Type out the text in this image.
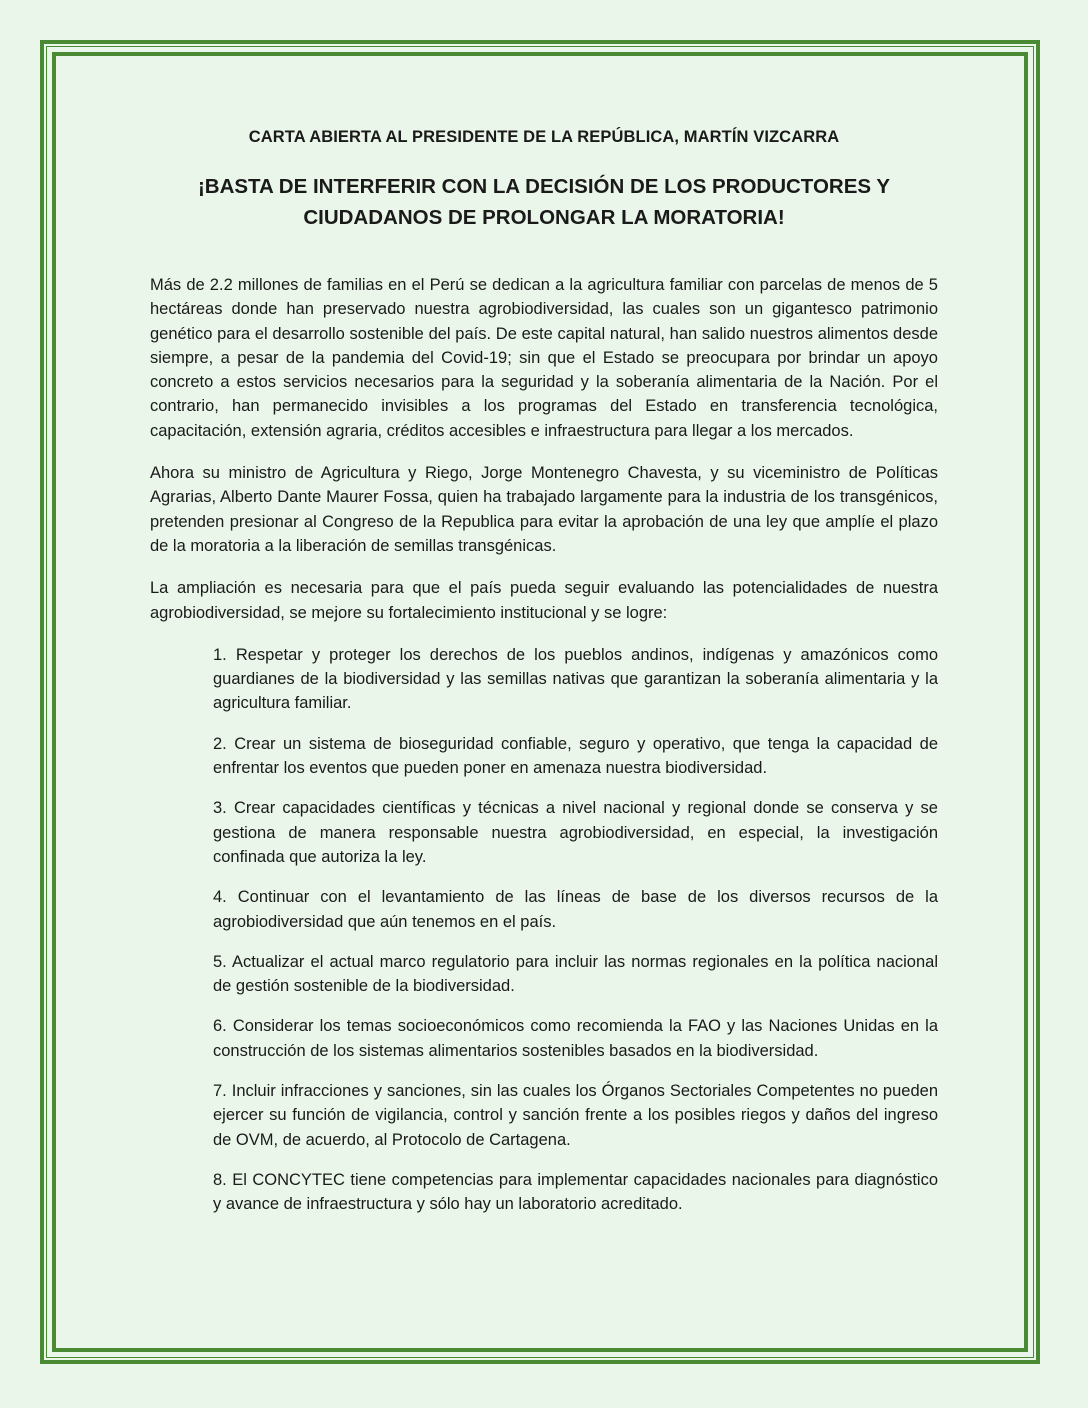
CARTA ABIERTA AL PRESIDENTE DE LA REPÚBLICA, MARTÍN VIZCARRA

¡BASTA DE INTERFERIR CON LA DECISIÓN DE LOS PRODUCTORES Y
CIUDADANOS DE PROLONGAR LA MORATORIA!

Más de 2.2 millones de familias en el Perú se dedican a la agricultura familiar con parcelas de menos de 5 hectáreas donde han preservado nuestra agrobiodiversidad, las cuales son un gigantesco patrimonio genético para el desarrollo sostenible del país. De este capital natural, han salido nuestros alimentos desde siempre, a pesar de la pandemia del Covid-19; sin que el Estado se preocupara por brindar un apoyo concreto a estos servicios necesarios para la seguridad y la soberanía alimentaria de la Nación. Por el contrario, han permanecido invisibles a los programas del Estado en transferencia tecnológica, capacitación, extensión agraria, créditos accesibles e infraestructura para llegar a los mercados.

Ahora su ministro de Agricultura y Riego, Jorge Montenegro Chavesta, y su viceministro de Políticas Agrarias, Alberto Dante Maurer Fossa, quien ha trabajado largamente para la industria de los transgénicos, pretenden presionar al Congreso de la Republica para evitar la aprobación de una ley que amplíe el plazo de la moratoria a la liberación de semillas transgénicas.

La ampliación es necesaria para que el país pueda seguir evaluando las potencialidades de nuestra agrobiodiversidad, se mejore su fortalecimiento institucional y se logre:

1. Respetar y proteger los derechos de los pueblos andinos, indígenas y amazónicos como guardianes de la biodiversidad y las semillas nativas que garantizan la soberanía alimentaria y la agricultura familiar.

2. Crear un sistema de bioseguridad confiable, seguro y operativo, que tenga la capacidad de enfrentar los eventos que pueden poner en amenaza nuestra biodiversidad.

3. Crear capacidades científicas y técnicas a nivel nacional y regional donde se conserva y se gestiona de manera responsable nuestra agrobiodiversidad, en especial, la investigación confinada que autoriza la ley.

4. Continuar con el levantamiento de las líneas de base de los diversos recursos de la agrobiodiversidad que aún tenemos en el país.

5. Actualizar el actual marco regulatorio para incluir las normas regionales en la política nacional de gestión sostenible de la biodiversidad.

6. Considerar los temas socioeconómicos como recomienda la FAO y las Naciones Unidas en la construcción de los sistemas alimentarios sostenibles basados en la biodiversidad.

7. Incluir infracciones y sanciones, sin las cuales los Órganos Sectoriales Competentes no pueden ejercer su función de vigilancia, control y sanción frente a los posibles riegos y daños del ingreso de OVM, de acuerdo, al Protocolo de Cartagena.

8. El CONCYTEC tiene competencias para implementar capacidades nacionales para diagnóstico y avance de infraestructura y sólo hay un laboratorio acreditado.
